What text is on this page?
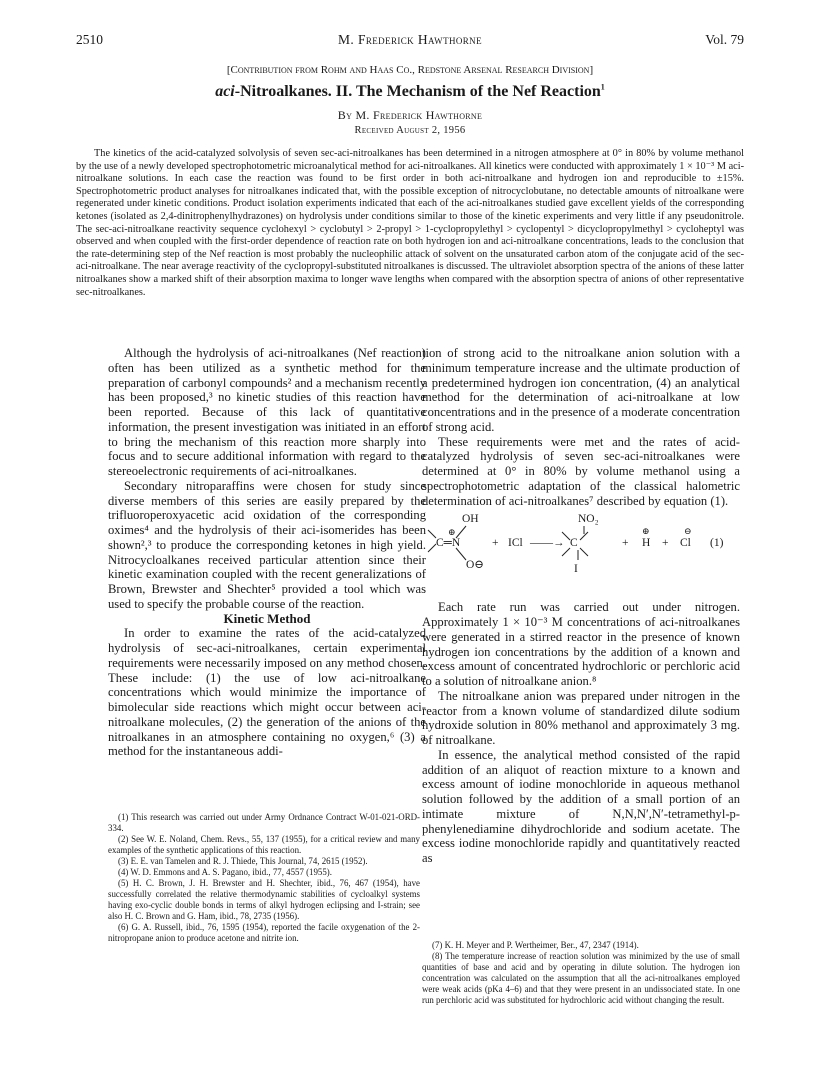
2510	M. Frederick Hawthorne	Vol. 79
[Contribution from Rohm and Haas Co., Redstone Arsenal Research Division]
aci-Nitroalkanes. II. The Mechanism of the Nef Reaction$^1$
By M. Frederick Hawthorne
Received August 2, 1956

The kinetics of the acid-catalyzed solvolysis of seven sec-aci-nitroalkanes has been determined in a nitrogen atmosphere at 0° in 80% by volume methanol by the use of a newly developed spectrophotometric microanalytical method for aci-nitroalkanes. All kinetics were conducted with approximately 1 × 10⁻³ M aci-nitroalkane solutions. In each case the reaction was found to be first order in both aci-nitroalkane and hydrogen ion and reproducible to ±15%. Spectrophotometric product analyses for nitroalkanes indicated that, with the possible exception of nitrocyclobutane, no detectable amounts of nitroalkane were regenerated under kinetic conditions. Product isolation experiments indicated that each of the aci-nitroalkanes studied gave excellent yields of the corresponding ketones (isolated as 2,4-dinitrophenylhydrazones) on hydrolysis under conditions similar to those of the kinetic experiments and very little if any pseudonitrole. The sec-aci-nitroalkane reactivity sequence cyclohexyl > cyclobutyl > 2-propyl > 1-cyclopropylethyl > cyclopentyl > dicyclopropylmethyl > cycloheptyl was observed and when coupled with the first-order dependence of reaction rate on both hydrogen ion and aci-nitroalkane concentrations, leads to the conclusion that the rate-determining step of the Nef reaction is most probably the nucleophilic attack of solvent on the unsaturated carbon atom of the conjugate acid of the sec-aci-nitroalkane. The near average reactivity of the cyclopropyl-substituted nitroalkanes is discussed. The ultraviolet absorption spectra of the anions of these latter nitroalkanes show a marked shift of their absorption maxima to longer wave lengths when compared with the absorption spectra of anions of other representative sec-nitroalkanes.

Although the hydrolysis of aci-nitroalkanes (Nef reaction) often has been utilized as a synthetic method for the preparation of carbonyl compounds² and a mechanism recently has been proposed,³ no kinetic studies of this reaction have been reported. Because of this lack of quantitative information, the present investigation was initiated in an effort to bring the mechanism of this reaction more sharply into focus and to secure additional information with regard to the stereoelectronic requirements of aci-nitroalkanes.

Secondary nitroparaffins were chosen for study since diverse members of this series are easily prepared by the trifluoroperoxyacetic acid oxidation of the corresponding oximes⁴ and the hydrolysis of their aci-isomerides has been shown²,³ to produce the corresponding ketones in high yield. Nitrocycloalkanes received particular attention since their kinetic examination coupled with the recent generalizations of Brown, Brewster and Shechter⁵ provided a tool which was used to specify the probable course of the reaction.

Kinetic Method

In order to examine the rates of the acid-catalyzed hydrolysis of sec-aci-nitroalkanes, certain experimental requirements were necessarily imposed on any method chosen. These include: (1) the use of low aci-nitroalkane concentrations which would minimize the importance of bimolecular side reactions which might occur between aci-nitroalkane molecules, (2) the generation of the anions of the nitroalkanes in an atmosphere containing no oxygen,⁶ (3) a method for the instantaneous addi-

(1) This research was carried out under Army Ordnance Contract W-01-021-ORD-334.

(2) See W. E. Noland, Chem. Revs., 55, 137 (1955), for a critical review and many examples of the synthetic applications of this reaction.

(3) E. E. van Tamelen and R. J. Thiede, This Journal, 74, 2615 (1952).

(4) W. D. Emmons and A. S. Pagano, ibid., 77, 4557 (1955).

(5) H. C. Brown, J. H. Brewster and H. Shechter, ibid., 76, 467 (1954), have successfully correlated the relative thermodynamic stabilities of cycloalkyl systems having exo-cyclic double bonds in terms of alkyl hydrogen eclipsing and I-strain; see also H. C. Brown and G. Ham, ibid., 78, 2735 (1956).

(6) G. A. Russell, ibid., 76, 1595 (1954), reported the facile oxygenation of the 2-nitropropane anion to produce acetone and nitrite ion.

tion of strong acid to the nitroalkane anion solution with a minimum temperature increase and the ultimate production of a predetermined hydrogen ion concentration, (4) an analytical method for the determination of aci-nitroalkane at low concentrations and in the presence of a moderate concentration of strong acid.

These requirements were met and the rates of acid-catalyzed hydrolysis of seven sec-aci-nitroalkanes were determined at 0° in 80% by volume methanol using a spectrophotometric adaptation of the classical halometric determination of aci-nitroalkanes⁷ described by equation (1).

OH
⊕
C═N
O⊖
+ ICl ——→
NO₂
C
I
+
⊕
H +
⊖
Cl (1)

Each rate run was carried out under nitrogen. Approximately 1 × 10⁻³ M concentrations of aci-nitroalkanes were generated in a stirred reactor in the presence of known hydrogen ion concentrations by the addition of a known and excess amount of concentrated hydrochloric or perchloric acid to a solution of nitroalkane anion.⁸

The nitroalkane anion was prepared under nitrogen in the reactor from a known volume of standardized dilute sodium hydroxide solution in 80% methanol and approximately 3 mg. of nitroalkane.

In essence, the analytical method consisted of the rapid addition of an aliquot of reaction mixture to a known and excess amount of iodine monochloride in aqueous methanol solution followed by the addition of a small portion of an intimate mixture of N,N,N′,N′-tetramethyl-p-phenylenediamine dihydrochloride and sodium acetate. The excess iodine monochloride rapidly and quantitatively reacted as

(7) K. H. Meyer and P. Wertheimer, Ber., 47, 2347 (1914).

(8) The temperature increase of reaction solution was minimized by the use of small quantities of base and acid and by operating in dilute solution. The hydrogen ion concentration was calculated on the assumption that all the aci-nitroalkanes employed were weak acids (pKa 4–6) and that they were present in an undissociated state. In one run perchloric acid was substituted for hydrochloric acid without changing the result.
